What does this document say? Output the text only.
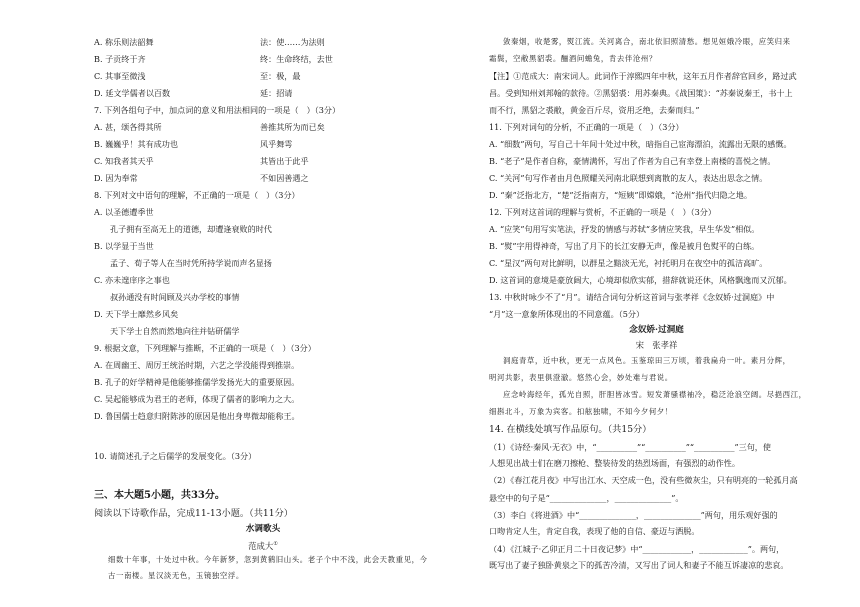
A. 称乐则法韶舞	法：使……为法则
B. 子贡终于齐	终：生命终结，去世
C. 其事至微浅	至：极，最
D. 延文学儒者以百数	延：招请
7. 下列各组句子中，加点词的意义和用法相同的一项是（　）（3分）
A. 甚，颂各得其所	善推其所为而已矣
B. 巍巍乎！其有成功也	风乎舞雩
C. 知我者其天乎	其皆出于此乎
D. 因为奉常	不如因善遇之
8. 下列对文中语句的理解，不正确的一项是（　）（3分）
A. 以圣德遭季世
孔子拥有至高无上的道德，却遭逢衰败的时代
B. 以学显于当世
孟子、荀子等人在当时凭所持学说而声名显扬
C. 亦未遑庠序之事也
叔孙通没有时间顾及兴办学校的事情
D. 天下学士靡然乡风矣
天下学士自然而然地向往并钻研儒学
9. 根据文意，下列理解与推断，不正确的一项是（　）（3分）
A. 在周幽王、周厉王统治时期，六艺之学没能得到推崇。
B. 孔子的好学精神是他能够推儒学发扬光大的重要原因。
C. 吴起能够成为君王的老师，体现了儒者的影响力之大。
D. 鲁国儒士趋意归附陈涉的原因是他出身卑微却能称王。
10. 请简述孔子之后儒学的发展变化。（3分）
三、本大题5小题，共33分。
阅读以下诗歌作品，完成11-13小题。（共11分）
水调歌头
范成大①
细数十年事，十处过中秋。今年新梦，忽到黄鹤旧山头。老子个中不浅，此会天教重见，今古一南楼。星汉淡无色，玉镜独空浮。
敛秦烟，收楚雾，熨江流。关河离合，南北依旧照清愁。想见姮娥冷眼，应笑归来
霜鬓，空敝黑貂裘。酾酒问蟾兔，肯去伴沧州？
【注】①范成大：南宋词人。此词作于淳熙四年中秋，这年五月作者辞官回乡，路过武
昌。受到知州刘邦翰的款待。②黑貂裘：用苏秦典。《战国策》：“苏秦说秦王，书十上
而不行，黑貂之裘敝，黄金百斤尽，资用乏绝，去秦而归。”
11. 下列对词句的分析，不正确的一项是（　）（3分）
A. “细数”两句，写自己十年间十处过中秋，暗指自己宦海漂泊，流露出无限的感慨。
B. “老子”是作者自称，豪情满怀，写出了作者为自己有幸登上南楼的喜悦之情。
C. “关河”句写作者由月色照耀关河南北联想到离散的友人，表达出思念之情。
D. “秦”泛指北方，“楚”泛指南方，“短姨”即嫦娥，“沧州”指代归隐之地。
12. 下列对这首词的理解与赏析，不正确的一项是（　）（3分）
A. “应笑”句用写实笔法，抒发的情感与苏轼“多情应笑我，早生华发”相似。
B. “熨”字用得神奇，写出了月下的长江安静无声，像是被月色熨平的白练。
C. “星汉”两句对比鲜明，以群星之黯淡无光，衬托明月在夜空中的孤洁高旷。
D. 这首词的意境是豪放阔大，心境却似欣实郁，措辞就说还休，风格飘逸而又沉郁。
13. 中秋时咏少不了“月”。请结合词句分析这首词与张孝祥《念奴娇·过洞庭》中
“月”这一意象所体现出的不同意蕴。（5分）
念奴娇·过洞庭
宋　张孝祥
洞庭青草，近中秋，更无一点风色。玉鉴琼田三万顷，着我扁舟一叶。素月分辉，
明河共影，表里俱澄澈。悠然心会，妙处难与君说。
应念岭海经年，孤光自照，肝胆皆冰雪。短发萧骚襟袖冷，稳泛沧浪空阔。尽挹西江，
细斟北斗，万象为宾客。扣舷独啸，不知今夕何夕！
14. 在横线处填写作品原句。（共15分）
（1）《诗经·秦风·无衣》中，“__________”“__________”“__________”三句，使
人想见出战士们在磨刀擦枪、整装待发的热烈场面，有强烈的动作性。
（2）《春江花月夜》中写出江水、天空成一色，没有些微灰尘，只有明亮的一轮孤月高
悬空中的句子是“______________，______________”。
（3）李白《将进酒》中“______________，______________”两句，用乐观好强的
口吻肯定人生，肯定自我，表现了他的自信、豪迈与洒脱。
（4）《江城子·乙卯正月二十日夜记梦》中“____________，____________”。两句，
既写出了妻子独卧黄泉之下的孤苦冷清，又写出了词人和妻子不能互诉凄凉的悲哀。
